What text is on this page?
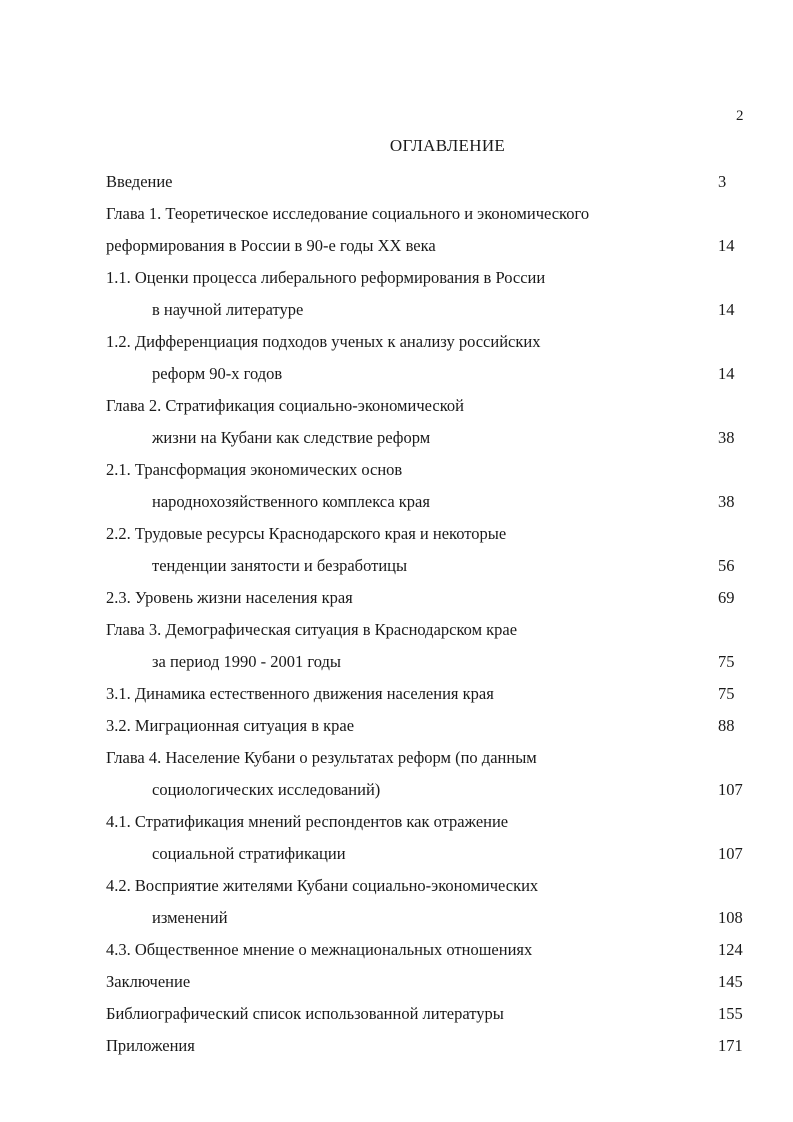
2
ОГЛАВЛЕНИЕ
Введение	3
Глава 1. Теоретическое исследование социального и экономического
реформирования в России в 90-е годы XX века	14
1.1. Оценки процесса либерального реформирования в России
в научной литературе	14
1.2. Дифференциация подходов ученых к анализу российских
реформ 90-х годов	14
Глава 2. Стратификация социально-экономической
жизни на Кубани как следствие реформ	38
2.1. Трансформация экономических основ
народнохозяйственного комплекса края	38
2.2. Трудовые ресурсы Краснодарского края и некоторые
тенденции занятости и безработицы	56
2.3. Уровень жизни населения края	69
Глава 3. Демографическая ситуация в Краснодарском крае
за период 1990 - 2001 годы	75
3.1. Динамика естественного движения населения края	75
3.2. Миграционная ситуация в крае	88
Глава 4. Население Кубани о результатах реформ (по данным
социологических исследований)	107
4.1. Стратификация мнений респондентов как отражение
социальной стратификации	107
4.2. Восприятие жителями Кубани социально-экономических
изменений	108
4.3. Общественное мнение о межнациональных отношениях	124
Заключение	145
Библиографический список использованной литературы	155
Приложения	171
